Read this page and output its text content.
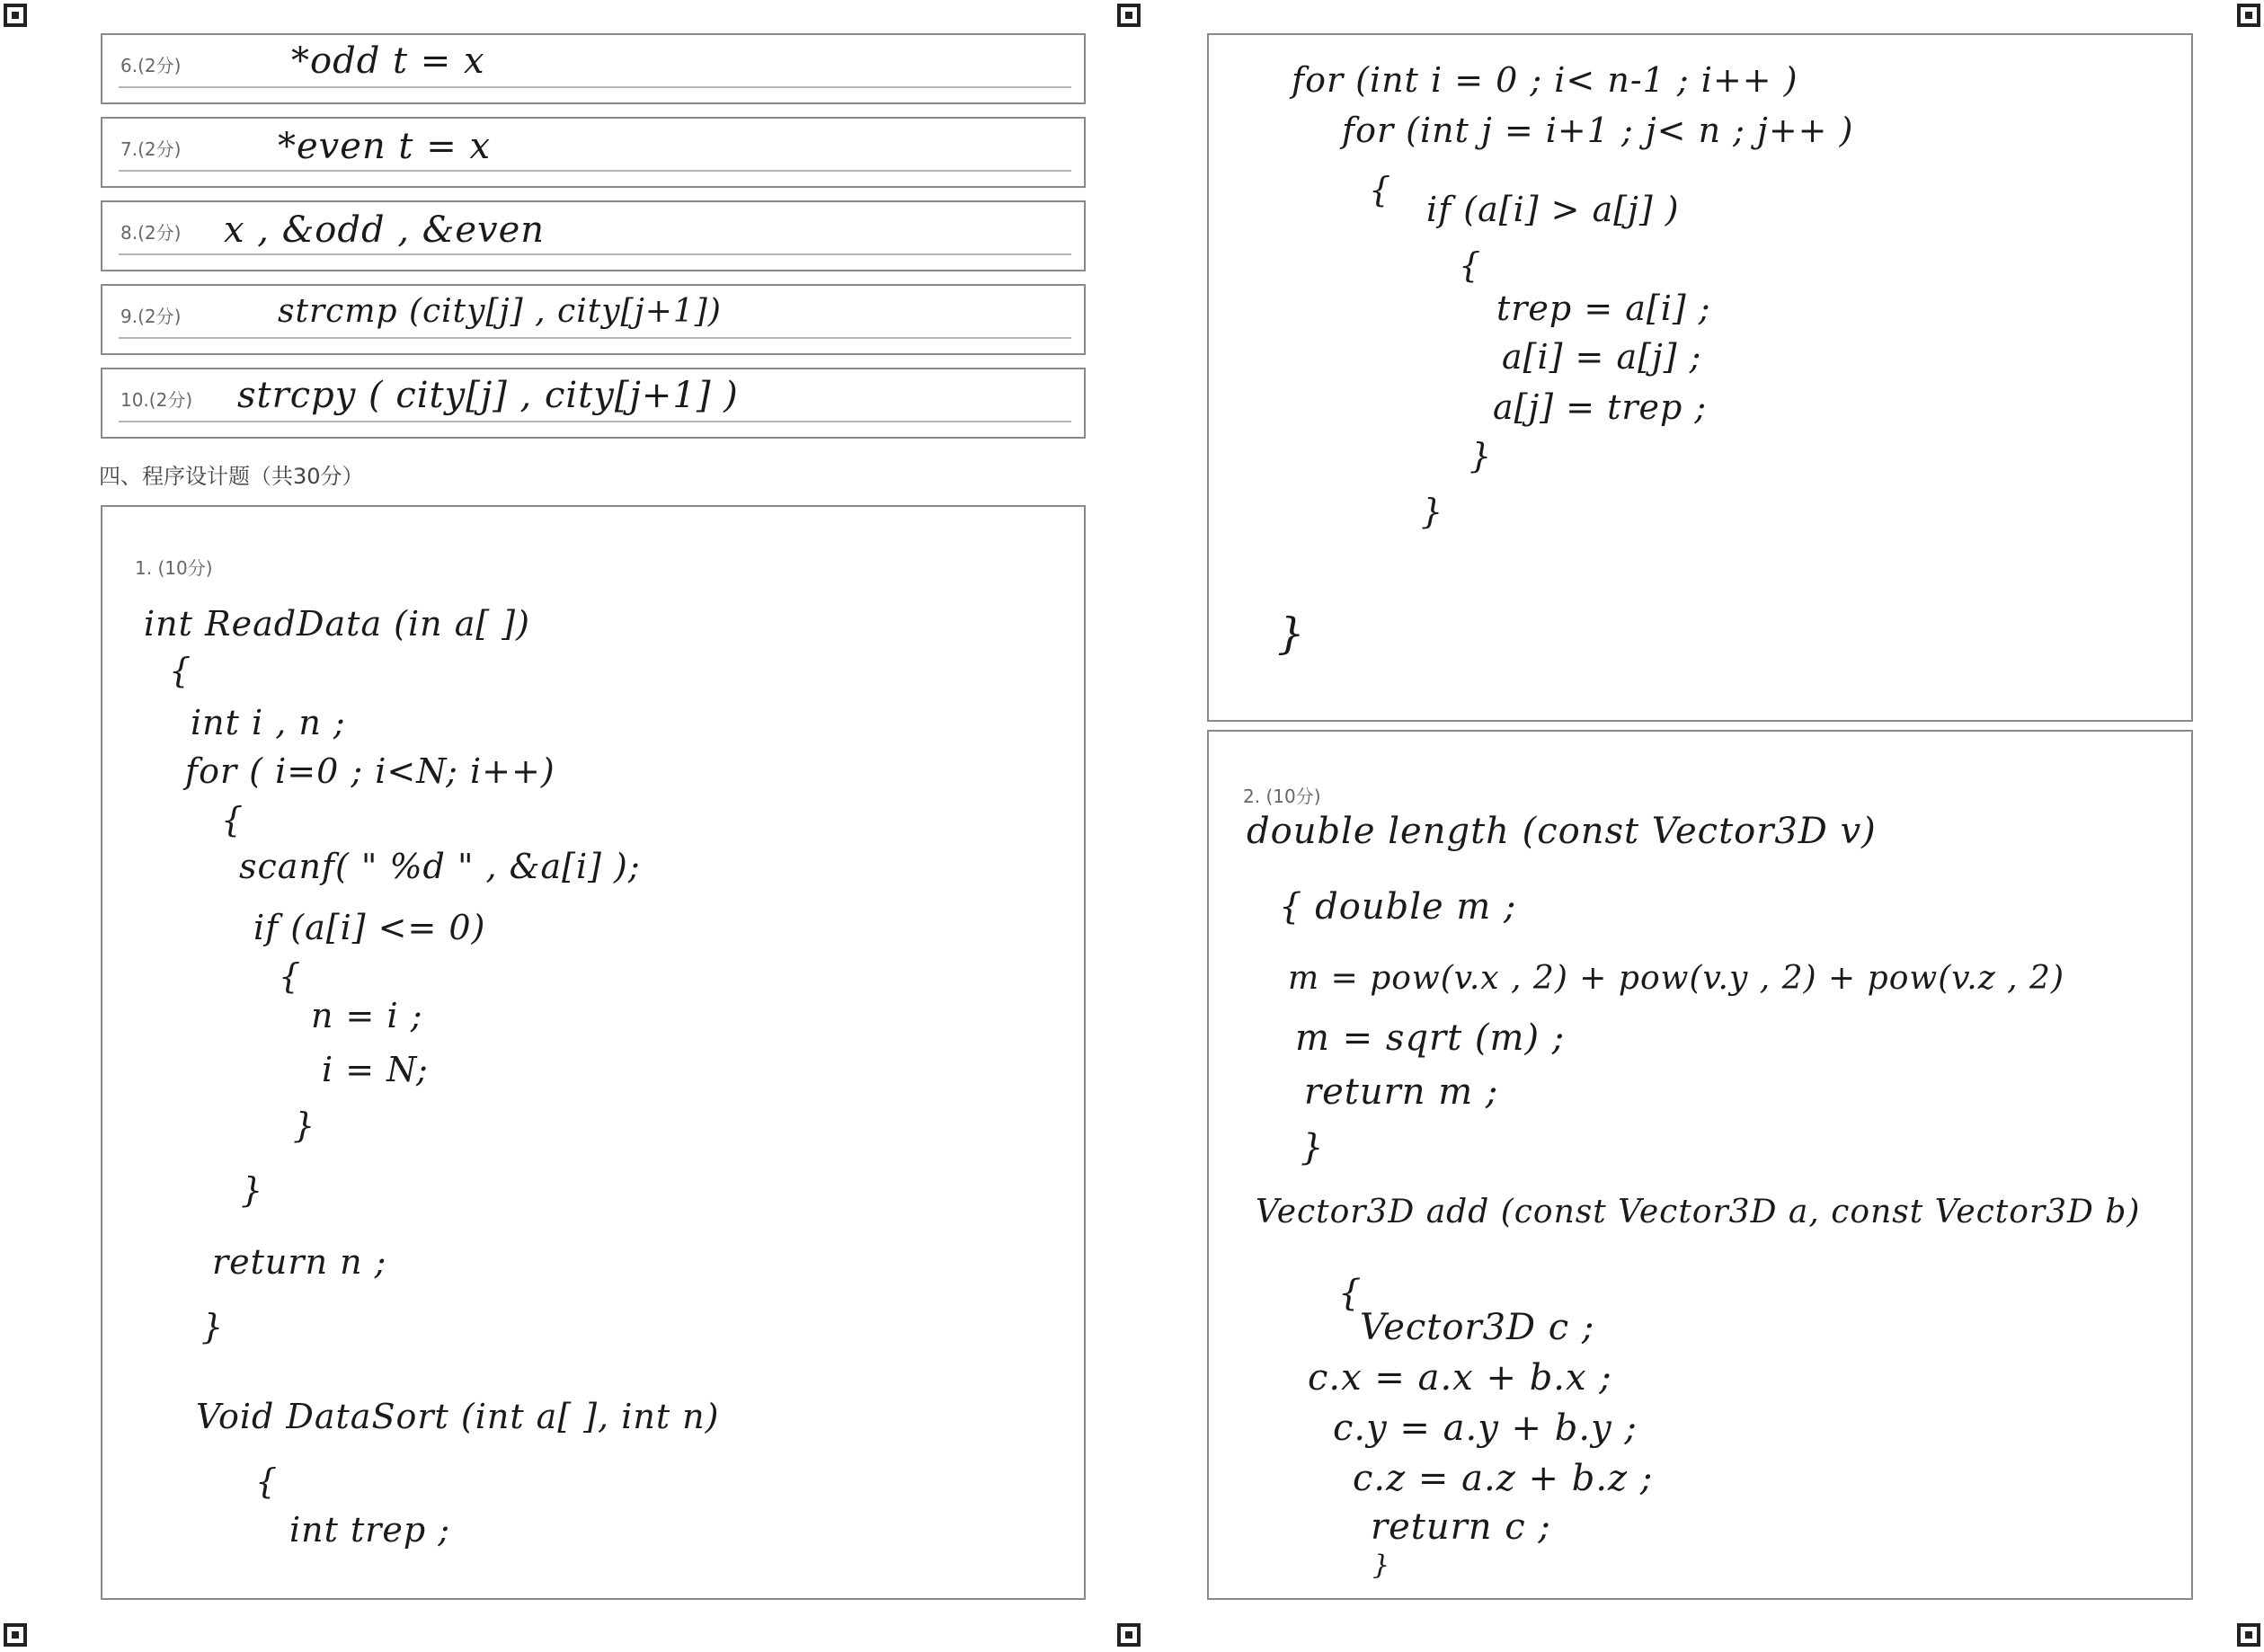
6.(2分)	*odd t = x
7.(2分)	*even t = x
8.(2分) x , &odd , &even
9.(2分)	strcmp (city[j] , city[j+1])
10.(2分) strcpy ( city[j] , city[j+1] )
四、程序设计题（共30分）
1. (10分)
int ReadData (in a[ ])
{
int i , n ;
for ( i=0 ; i<N; i++)
{
scanf( " %d " , &a[i] );
if (a[i] <= 0)
{
n = i ;
i = N;
}
}
return n ;
}
Void DataSort (int a[ ], int n)
{
int trep ;
for (int i = 0 ; i< n-1 ; i++ )
for (int j = i+1 ; j< n ; j++ )
{ if (a[i] > a[j] )
{
trep = a[i] ;
a[i] = a[j] ;
a[j] = trep ;
}
}
}
2. (10分)
double length (const Vector3D v)
{ double m ;
m = pow(v.x , 2) + pow(v.y , 2) + pow(v.z , 2)
m = sqrt (m) ;
return m ;
}
Vector3D add (const Vector3D a, const Vector3D b)
{
Vector3D c ;
c.x = a.x + b.x ;
c.y = a.y + b.y ;
c.z = a.z + b.z ;
return c ;
}
